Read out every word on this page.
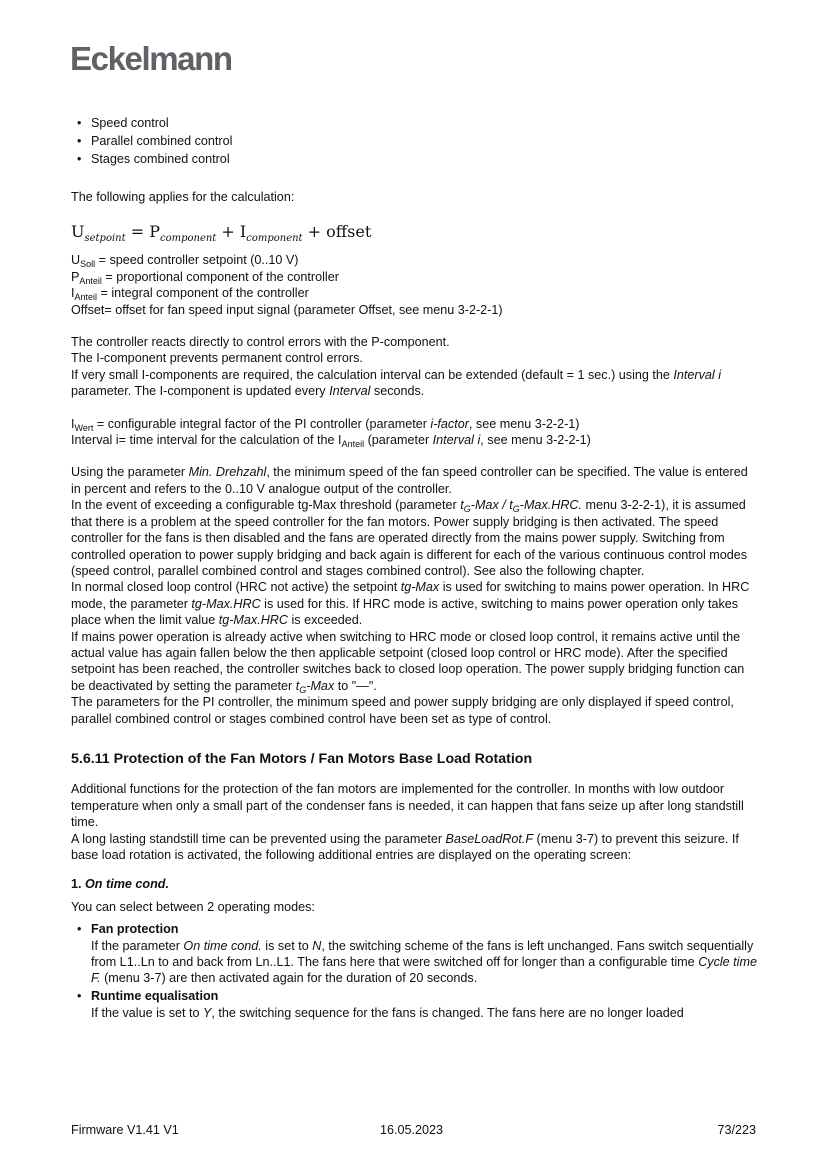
Eckelmann
• Speed control
• Parallel combined control
• Stages combined control

The following applies for the calculation:

$U_{setpoint} = P_{component} + I_{component}$ + offset

$U_{Soll}$ = speed controller setpoint (0..10 V)

$P_{Anteil}$ = proportional component of the controller

$I_{Anteil}$ = integral component of the controller

Offset= offset for fan speed input signal (parameter Offset, see menu 3-2-2-1)

The controller reacts directly to control errors with the P-component.

The I-component prevents permanent control errors.

If very small I-components are required, the calculation interval can be extended (default = 1 sec.) using the Interval i parameter. The I-component is updated every Interval seconds.

$I_{Wert}$ = configurable integral factor of the PI controller (parameter i-factor, see menu 3-2-2-1)

Interval i= time interval for the calculation of the $I_{Anteil}$ (parameter Interval i, see menu 3-2-2-1)

Using the parameter Min. Drehzahl, the minimum speed of the fan speed controller can be specified. The value is entered in percent and refers to the 0..10 V analogue output of the controller.

In the event of exceeding a configurable tg-Max threshold (parameter $t_G$-Max / $t_G-Max.HRC$. menu 3-2-2-1), it is assumed that there is a problem at the speed controller for the fan motors. Power supply bridging is then activated. The speed controller for the fans is then disabled and the fans are operated directly from the mains power supply. Switching from controlled operation to power supply bridging and back again is different for each of the various continuous control modes (speed control, parallel combined control and stages combined control). See also the following chapter.

In normal closed loop control (HRC not active) the setpoint tg-Max is used for switching to mains power operation. In HRC mode, the parameter tg-Max.HRC is used for this. If HRC mode is active, switching to mains power operation only takes place when the limit value tg-Max.HRC is exceeded.

If mains power operation is already active when switching to HRC mode or closed loop control, it remains active until the actual value has again fallen below the then applicable setpoint (closed loop control or HRC mode). After the specified setpoint has been reached, the controller switches back to closed loop operation. The power supply bridging function can be deactivated by setting the parameter $t_G$-Max to "—".

The parameters for the PI controller, the minimum speed and power supply bridging are only displayed if speed control, parallel combined control or stages combined control have been set as type of control.

5.6.11 Protection of the Fan Motors / Fan Motors Base Load Rotation

Additional functions for the protection of the fan motors are implemented for the controller. In months with low outdoor temperature when only a small part of the condenser fans is needed, it can happen that fans seize up after long standstill time.

A long lasting standstill time can be prevented using the parameter BaseLoadRot.F (menu 3-7) to prevent this seizure. If base load rotation is activated, the following additional entries are displayed on the operating screen:

1. On time cond.

You can select between 2 operating modes:

• Fan protection
If the parameter On time cond. is set to N, the switching scheme of the fans is left unchanged. Fans switch sequentially from L1..Ln to and back from Ln..L1. The fans here that were switched off for longer than a configurable time Cycle time F. (menu 3-7) are then activated again for the duration of 20 seconds.
• Runtime equalisation
If the value is set to Y, the switching sequence for the fans is changed. The fans here are no longer loaded
Firmware V1.41 V1	16.05.2023	73/223
